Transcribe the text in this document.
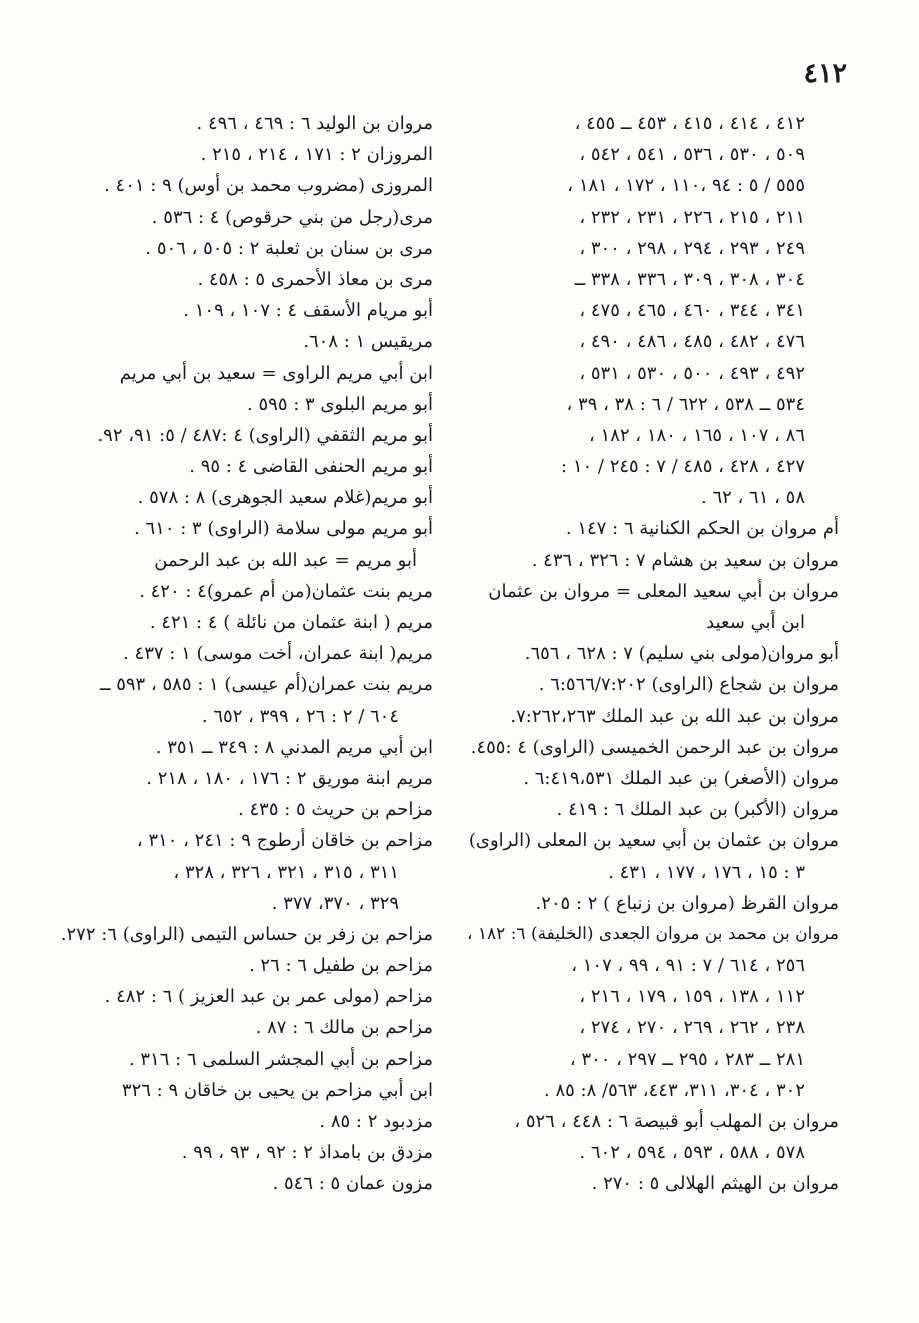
٤١٢
٤١٢ ، ٤١٤ ، ٤١٥ ، ٤٥٣ ــ ٤٥٥ ،
٥٠٩ ، ٥٣٠ ، ٥٣٦ ، ٥٤١ ، ٥٤٢ ،
٥٥٥ / ٥ : ٩٤ ،١١٠ ، ١٧٢ ، ١٨١ ،
٢١١ ، ٢١٥ ، ٢٢٦ ، ٢٣١ ، ٢٣٢ ،
٢٤٩ ، ٢٩٣ ، ٢٩٤ ، ٢٩٨ ، ٣٠٠ ،
٣٠٤ ، ٣٠٨ ، ٣٠٩ ، ٣٣٦ ، ٣٣٨ ــ
٣٤١ ، ٣٤٤ ، ٤٦٠ ، ٤٦٥ ، ٤٧٥ ،
٤٧٦ ، ٤٨٢ ، ٤٨٥ ، ٤٨٦ ، ٤٩٠ ،
٤٩٢ ، ٤٩٣ ، ٥٠٠ ، ٥٣٠ ، ٥٣١ ،
٥٣٤ ــ ٥٣٨ ، ٦٢٢ / ٦ : ٣٨ ، ٣٩ ،
٨٦ ، ١٠٧ ، ١٦٥ ، ١٨٠ ، ١٨٢ ،
٤٢٧ ، ٤٢٨ ، ٤٨٥ / ٧ : ٢٤٥ / ١٠ :
٥٨ ، ٦١ ، ٦٢ .
أم مروان بن الحكم الكنانية ٦ : ١٤٧ .
مروان بن سعيد بن هشام ٧ : ٣٢٦ ، ٤٣٦ .
مروان بن أبي سعيد المعلى = مروان بن عثمان
ابن أبي سعيد
أبو مروان(مولى بني سليم) ٧ : ٦٢٨ ، ٦٥٦.
مروان بن شجاع (الراوى) ٦:٥٦٦/٧:٢٠٢ .
مروان بن عبد الله بن عبد الملك ٧:٢٦٢،٢٦٣.
مروان بن عبد الرحمن الخميسى (الراوى) ٤ :٤٥٥.
مروان (الأصغر) بن عبد الملك ٦:٤١٩،٥٣١ .
مروان (الأكبر) بن عبد الملك ٦ : ٤١٩ .
مروان بن عثمان بن أبي سعيد بن المعلى (الراوى)
٣ : ١٥ ، ١٧٦ ، ١٧٧ ، ٤٣١ .
مروان القرظ (مروان بن زنباع ) ٢ : ٢٠٥.
مروان بن محمد بن مروان الجعدى (الخليفة) ٦: ١٨٢ ،
٢٥٦ ، ٦١٤ / ٧ : ٩١ ، ٩٩ ، ١٠٧ ،
١١٢ ، ١٣٨ ، ١٥٩ ، ١٧٩ ، ٢١٦ ،
٢٣٨ ، ٢٦٢ ، ٢٦٩ ، ٢٧٠ ، ٢٧٤ ،
٢٨١ ــ ٢٨٣ ، ٢٩٥ ــ ٢٩٧ ، ٣٠٠ ،
٣٠٢ ، ٣٠٤، ٣١١، ٤٤٣، ٥٦٣/ ٨: ٨٥ .
مروان بن المهلب أبو قبيصة ٦ : ٤٤٨ ، ٥٢٦ ،
٥٧٨ ، ٥٨٨ ، ٥٩٣ ، ٥٩٤ ، ٦٠٢ .
مروان بن الهيثم الهلالى ٥ : ٢٧٠ .
مروان بن الوليد ٦ : ٤٦٩ ، ٤٩٦ .
المروزان ٢ : ١٧١ ، ٢١٤ ، ٢١٥ .
المروزى (مضروب محمد بن أوس) ٩ : ٤٠١ .
مرى(رجل من بني حرقوص) ٤ : ٥٣٦ .
مرى بن سنان بن ثعلبة ٢ : ٥٠٥ ، ٥٠٦ .
مرى بن معاذ الأحمرى ٥ : ٤٥٨ .
أبو مريام الأسقف ٤ : ١٠٧ ، ١٠٩ .
مريقيس ١ : ٦٠٨.
ابن أبي مريم الراوى = سعيد بن أبي مريم
أبو مريم البلوى ٣ : ٥٩٥ .
أبو مريم الثقفي (الراوى) ٤ :٤٨٧ / ٥: ٩١، ٩٢.
أبو مريم الحنفى القاضى ٤ : ٩٥ .
أبو مريم(غلام سعيد الجوهرى) ٨ : ٥٧٨ .
أبو مريم مولى سلامة (الراوى) ٣ : ٦١٠ .
أبو مريم = عبد الله بن عبد الرحمن
مريم بنت عثمان(من أم عمرو)٤ : ٤٢٠ .
مريم ( ابنة عثمان من نائلة ) ٤ : ٤٢١ .
مريم( ابنة عمران، أخت موسى) ١ : ٤٣٧ .
مريم بنت عمران(أم عيسى) ١ : ٥٨٥ ، ٥٩٣ ــ
٦٠٤ / ٢ : ٢٦ ، ٣٩٩ ، ٦٥٢ .
ابن أبي مريم المدني ٨ : ٣٤٩ ــ ٣٥١ .
مريم ابنة موريق ٢ : ١٧٦ ، ١٨٠ ، ٢١٨ .
مزاحم بن حريث ٥ : ٤٣٥ .
مزاحم بن خاقان أرطوج ٩ : ٢٤١ ، ٣١٠ ،
٣١١ ، ٣١٥ ، ٣٢١ ، ٣٢٦ ، ٣٢٨ ،
٣٢٩ ، ٣٧٠، ٣٧٧ .
مزاحم بن زفر بن حساس التيمى (الراوى) ٦: ٢٧٢.
مزاحم بن طفيل ٦ : ٢٦ .
مزاحم (مولى عمر بن عبد العزيز ) ٦ : ٤٨٢ .
مزاحم بن مالك ٦ : ٨٧ .
مزاحم بن أبي المجشر السلمى ٦ : ٣١٦ .
ابن أبي مزاحم بن يحيى بن خاقان ٩ : ٣٢٦
مزدبود ٢ : ٨٥ .
مزدق بن بامداذ ٢ : ٩٢ ، ٩٣ ، ٩٩ .
مزون عمان ٥ : ٥٤٦ .
